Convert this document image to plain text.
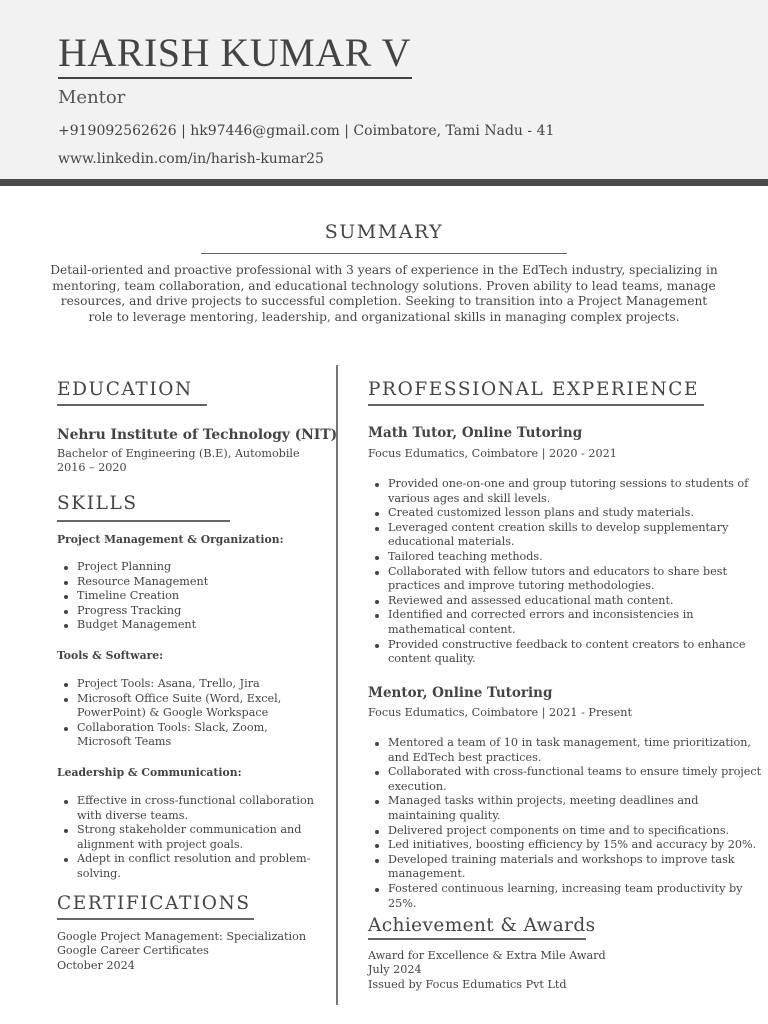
HARISH KUMAR V
Mentor
+919092562626 | hk97446@gmail.com | Coimbatore, Tami Nadu - 41
www.linkedin.com/in/harish-kumar25
SUMMARY
Detail-oriented and proactive professional with 3 years of experience in the EdTech industry, specializing in mentoring, team collaboration, and educational technology solutions. Proven ability to lead teams, manage resources, and drive projects to successful completion. Seeking to transition into a Project Management role to leverage mentoring, leadership, and organizational skills in managing complex projects.
EDUCATION
Nehru Institute of Technology (NIT)
Bachelor of Engineering (B.E), Automobile
2016 – 2020
SKILLS
Project Management & Organization:
Project Planning
Resource Management
Timeline Creation
Progress Tracking
Budget Management
Tools & Software:
Project Tools: Asana, Trello, Jira
Microsoft Office Suite (Word, Excel, PowerPoint) & Google Workspace
Collaboration Tools: Slack, Zoom, Microsoft Teams
Leadership & Communication:
Effective in cross-functional collaboration with diverse teams.
Strong stakeholder communication and alignment with project goals.
Adept in conflict resolution and problem-solving.
CERTIFICATIONS
Google Project Management: Specialization
Google Career Certificates
October 2024
PROFESSIONAL EXPERIENCE
Math Tutor, Online Tutoring
Focus Edumatics, Coimbatore | 2020 - 2021
Provided one-on-one and group tutoring sessions to students of various ages and skill levels.
Created customized lesson plans and study materials.
Leveraged content creation skills to develop supplementary educational materials.
Tailored teaching methods.
Collaborated with fellow tutors and educators to share best practices and improve tutoring methodologies.
Reviewed and assessed educational math content.
Identified and corrected errors and inconsistencies in mathematical content.
Provided constructive feedback to content creators to enhance content quality.
Mentor, Online Tutoring
Focus Edumatics, Coimbatore | 2021 - Present
Mentored a team of 10 in task management, time prioritization, and EdTech best practices.
Collaborated with cross-functional teams to ensure timely project execution.
Managed tasks within projects, meeting deadlines and maintaining quality.
Delivered project components on time and to specifications.
Led initiatives, boosting efficiency by 15% and accuracy by 20%.
Developed training materials and workshops to improve task management.
Fostered continuous learning, increasing team productivity by 25%.
Achievement & Awards
Award for Excellence & Extra Mile Award
July 2024
Issued by Focus Edumatics Pvt Ltd
